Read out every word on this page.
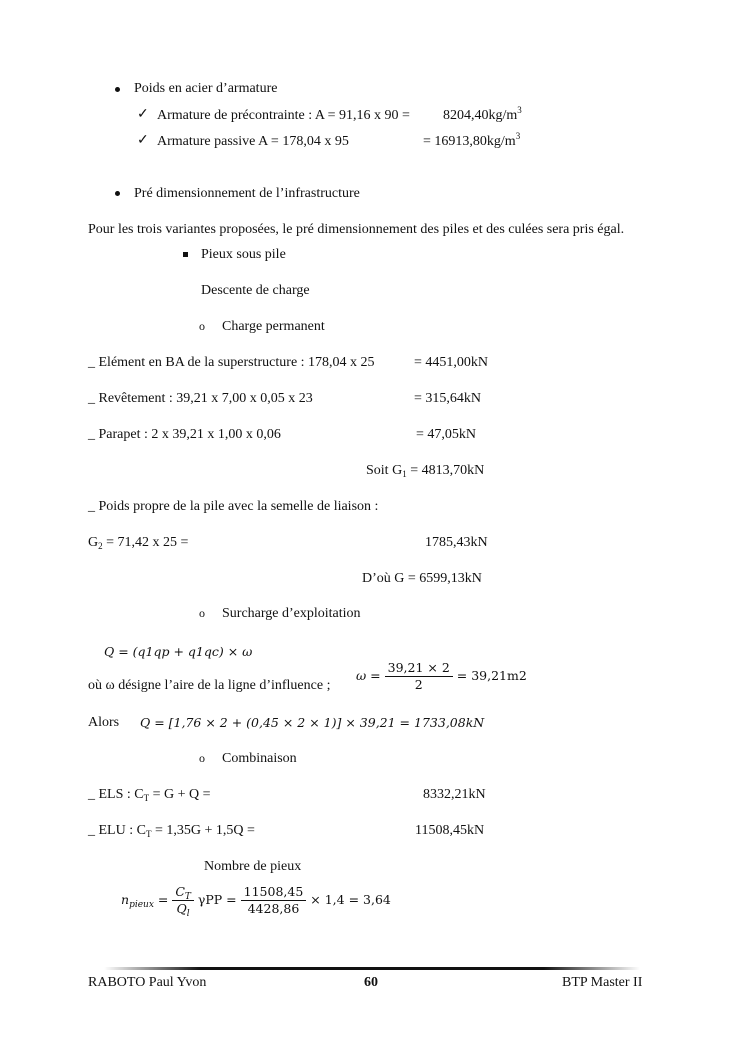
Poids en acier d’armature
✓ Armature de précontrainte : A = 91,16 x $90 = 8204,40kg/m^3$
✓ Armature passive A = 178,04 x 95	= $16913,80kg/m^3$
Pré dimensionnement de l’infrastructure
Pour les trois variantes proposées, le pré dimensionnement des piles et des culées sera pris égal.
Pieux sous pile
Descente de charge
o Charge permanent
_ Elément en BA de la superstructure : 178,04 x 25	= 4451,00kN
_ Revêtement : 39,21 x 7,00 x 0,05 x 23	= 315,64kN
_ Parapet : 2 x 39,21 x 1,00 x 0,06	= 47,05kN
Soit $G_1 = 4813,70kN$
_ Poids propre de la pile avec la semelle de liaison :
$G_2 = 71,42$ x 25 =	1785,43kN
D’où G = 6599,13kN
o Surcharge d’exploitation
Q = (q1qp + q1qc) × ω
où ω désigne l’aire de la ligne d’influence ;
$\omega = \frac{39,21 \times 2}{2} = 39,21m2$
Alors Q = [1,76 × 2 + (0,45 × 2 × 1)] × 39,21 = 1733,08kN
o Combinaison
_ ELS : $C_T = G + Q$ =	8332,21kN
_ ELU : $C_T = 1,35G + 1,5Q$ =	11508,45kN
Nombre de pieux
$n_{pieux} = \frac{C_T}{Q_l}$ $\gamma PP = \frac{11508,45}{4428,86} \times 1,4 = 3,64$
RABOTO Paul Yvon	60	BTP Master II
